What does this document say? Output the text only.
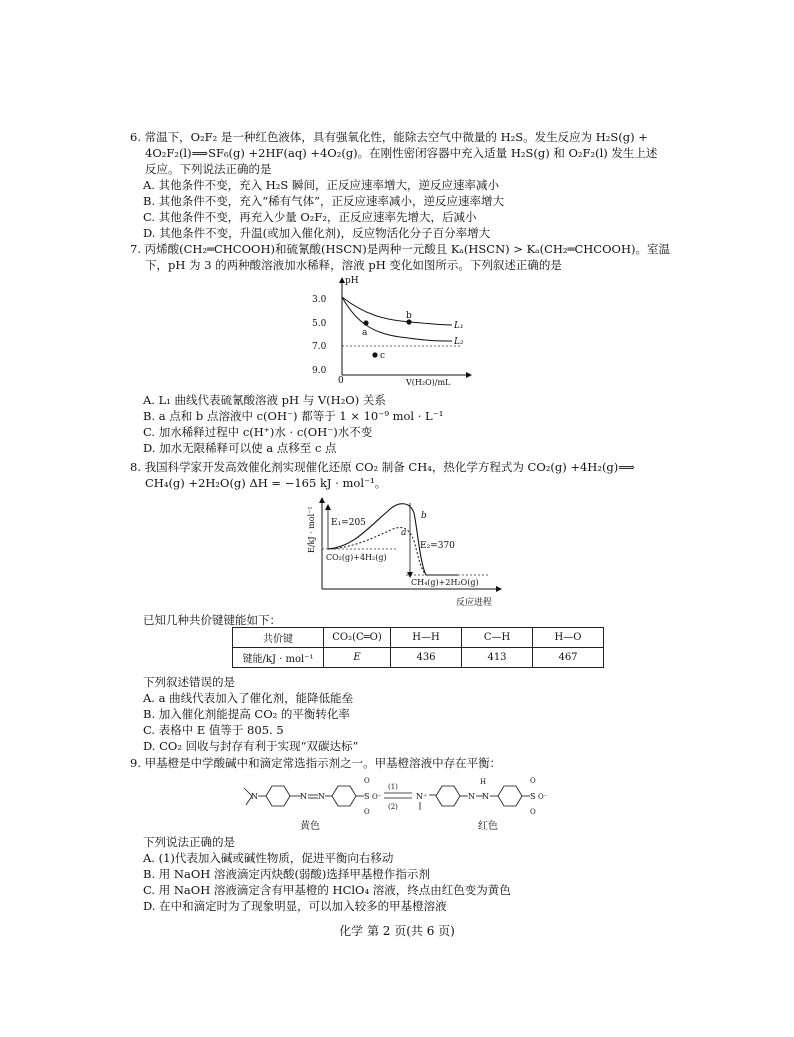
6. 常温下，O₂F₂ 是一种红色液体，具有强氧化性，能除去空气中微量的 H₂S。发生反应为 H₂S(g) +
4O₂F₂(l)⟹SF₆(g) +2HF(aq) +4O₂(g)。在刚性密闭容器中充入适量 H₂S(g) 和 O₂F₂(l) 发生上述
反应。下列说法正确的是
A. 其他条件不变，充入 H₂S 瞬间，正反应速率增大，逆反应速率减小
B. 其他条件不变，充入“稀有气体”，正反应速率减小，逆反应速率增大
C. 其他条件不变，再充入少量 O₂F₂，正反应速率先增大，后减小
D. 其他条件不变，升温(或加入催化剂)，反应物活化分子百分率增大
7. 丙烯酸(CH₂═CHCOOH)和硫氰酸(HSCN)是两种一元酸且 Kₐ(HSCN) > Kₐ(CH₂═CHCOOH)。室温
下，pH 为 3 的两种酸溶液加水稀释，溶液 pH 变化如图所示。下列叙述正确的是
pH
3.0
5.0
7.0
9.0
0
L₁
L₂
a
b
c
V(H₂O)/mL
A. L₁ 曲线代表硫氰酸溶液 pH 与 V(H₂O) 关系
B. a 点和 b 点溶液中 c(OH⁻) 都等于 1 × 10⁻⁹ mol · L⁻¹
C. 加水稀释过程中 c(H⁺)水 · c(OH⁻)水不变
D. 加水无限稀释可以使 a 点移至 c 点
8. 我国科学家开发高效催化剂实现催化还原 CO₂ 制备 CH₄，热化学方程式为 CO₂(g) +4H₂(g)⟹
CH₄(g) +2H₂O(g) ΔH = −165 kJ · mol⁻¹。
E/kJ · mol⁻¹ E₁=205
E₂=370
a
b
CO₂(g)+4H₂(g)
CH₄(g)+2H₂O(g)
反应进程
已知几种共价键键能如下：
共价键	CO₂(C═O)	H—H	C—H	H—O
键能/kJ · mol⁻¹	E	436	413	467
下列叙述错误的是
A. a 曲线代表加入了催化剂，能降低能垒
B. 加入催化剂能提高 CO₂ 的平衡转化率
C. 表格中 E 值等于 805. 5
D. CO₂ 回收与封存有利于实现“双碳达标”
9. 甲基橙是中学酸碱中和滴定常选指示剂之一。甲基橙溶液中存在平衡：
N	N N	S
O
O
O⁻
(1)
(2)
N⁺	N
H
N	S
O
O
O⁻
黄色	红色
下列说法正确的是
A. (1)代表加入碱或碱性物质，促进平衡向右移动
B. 用 NaOH 溶液滴定丙炔酸(弱酸)选择甲基橙作指示剂
C. 用 NaOH 溶液滴定含有甲基橙的 HClO₄ 溶液，终点由红色变为黄色
D. 在中和滴定时为了现象明显，可以加入较多的甲基橙溶液
化学 第 2 页(共 6 页)
